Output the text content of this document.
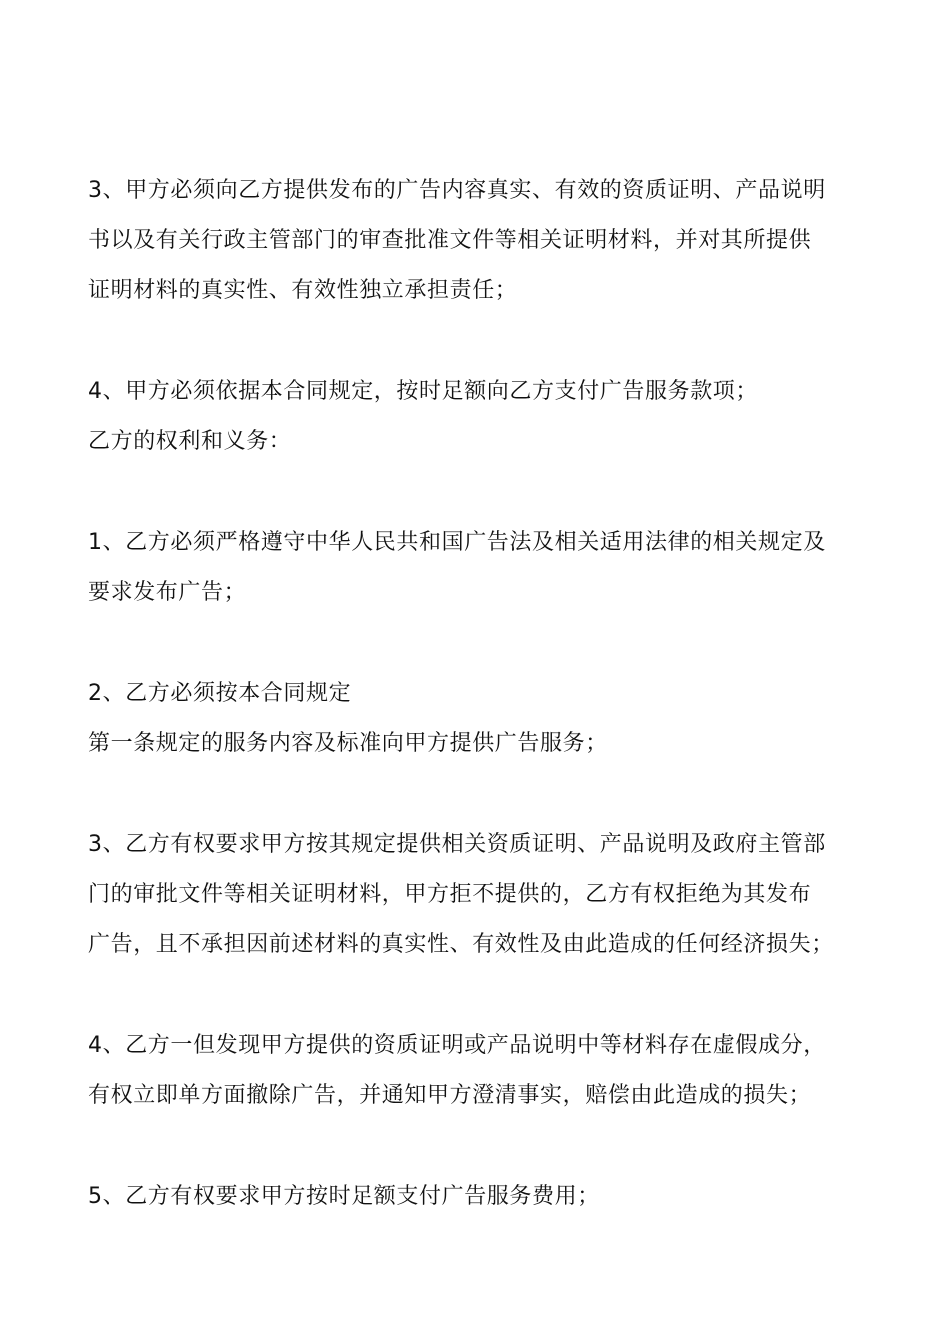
3、甲方必须向乙方提供发布的广告内容真实、有效的资质证明、产品说明
书以及有关行政主管部门的审查批准文件等相关证明材料，并对其所提供
证明材料的真实性、有效性独立承担责任；

4、甲方必须依据本合同规定，按时足额向乙方支付广告服务款项；
乙方的权利和义务：

1、乙方必须严格遵守中华人民共和国广告法及相关适用法律的相关规定及
要求发布广告；

2、乙方必须按本合同规定
第一条规定的服务内容及标准向甲方提供广告服务；

3、乙方有权要求甲方按其规定提供相关资质证明、产品说明及政府主管部
门的审批文件等相关证明材料，甲方拒不提供的，乙方有权拒绝为其发布
广告，且不承担因前述材料的真实性、有效性及由此造成的任何经济损失；

4、乙方一但发现甲方提供的资质证明或产品说明中等材料存在虚假成分，
有权立即单方面撤除广告，并通知甲方澄清事实，赔偿由此造成的损失；

5、乙方有权要求甲方按时足额支付广告服务费用；
